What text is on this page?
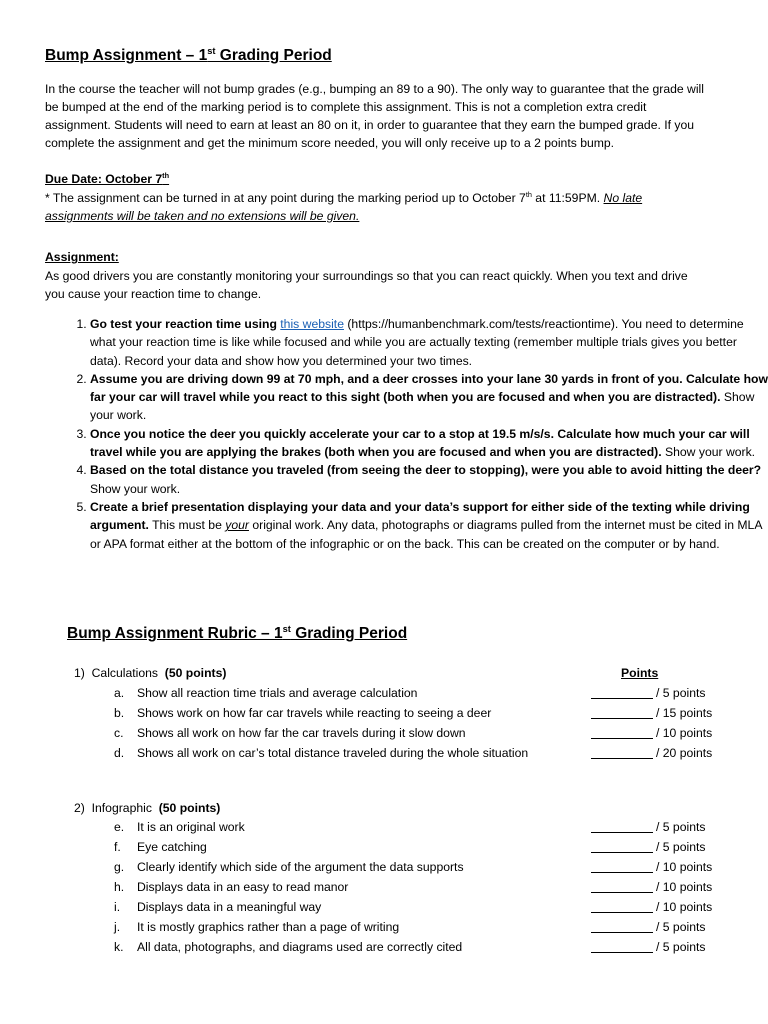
Bump Assignment – 1st Grading Period
In the course the teacher will not bump grades (e.g., bumping an 89 to a 90). The only way to guarantee that the grade will be bumped at the end of the marking period is to complete this assignment. This is not a completion extra credit assignment. Students will need to earn at least an 80 on it, in order to guarantee that they earn the bumped grade. If you complete the assignment and get the minimum score needed, you will only receive up to a 2 points bump.
Due Date: October 7th
* The assignment can be turned in at any point during the marking period up to October 7th at 11:59PM. No late assignments will be taken and no extensions will be given.
Assignment:
As good drivers you are constantly monitoring your surroundings so that you can react quickly. When you text and drive you cause your reaction time to change.
1. Go test your reaction time using this website (https://humanbenchmark.com/tests/reactiontime). You need to determine what your reaction time is like while focused and while you are actually texting (remember multiple trials gives you better data). Record your data and show how you determined your two times.
2. Assume you are driving down 99 at 70 mph, and a deer crosses into your lane 30 yards in front of you. Calculate how far your car will travel while you react to this sight (both when you are focused and when you are distracted). Show your work.
3. Once you notice the deer you quickly accelerate your car to a stop at 19.5 m/s/s. Calculate how much your car will travel while you are applying the brakes (both when you are focused and when you are distracted). Show your work.
4. Based on the total distance you traveled (from seeing the deer to stopping), were you able to avoid hitting the deer? Show your work.
5. Create a brief presentation displaying your data and your data’s support for either side of the texting while driving argument. This must be your original work. Any data, photographs or diagrams pulled from the internet must be cited in MLA or APA format either at the bottom of the infographic or on the back. This can be created on the computer or by hand.
Bump Assignment Rubric – 1st Grading Period
Points
1) Calculations (50 points)
a.	Show all reaction time trials and average calculation	/ 5 points
b.	Shows work on how far car travels while reacting to seeing a deer	/ 15 points
c.	Shows all work on how far the car travels during it slow down	/ 10 points
d.	Shows all work on car’s total distance traveled during the whole situation	/ 20 points
2) Infographic (50 points)
e.	It is an original work	/ 5 points
f.	Eye catching	/ 5 points
g.	Clearly identify which side of the argument the data supports	/ 10 points
h.	Displays data in an easy to read manor	/ 10 points
i.	Displays data in a meaningful way	/ 10 points
j.	It is mostly graphics rather than a page of writing	/ 5 points
k.	All data, photographs, and diagrams used are correctly cited	/ 5 points
